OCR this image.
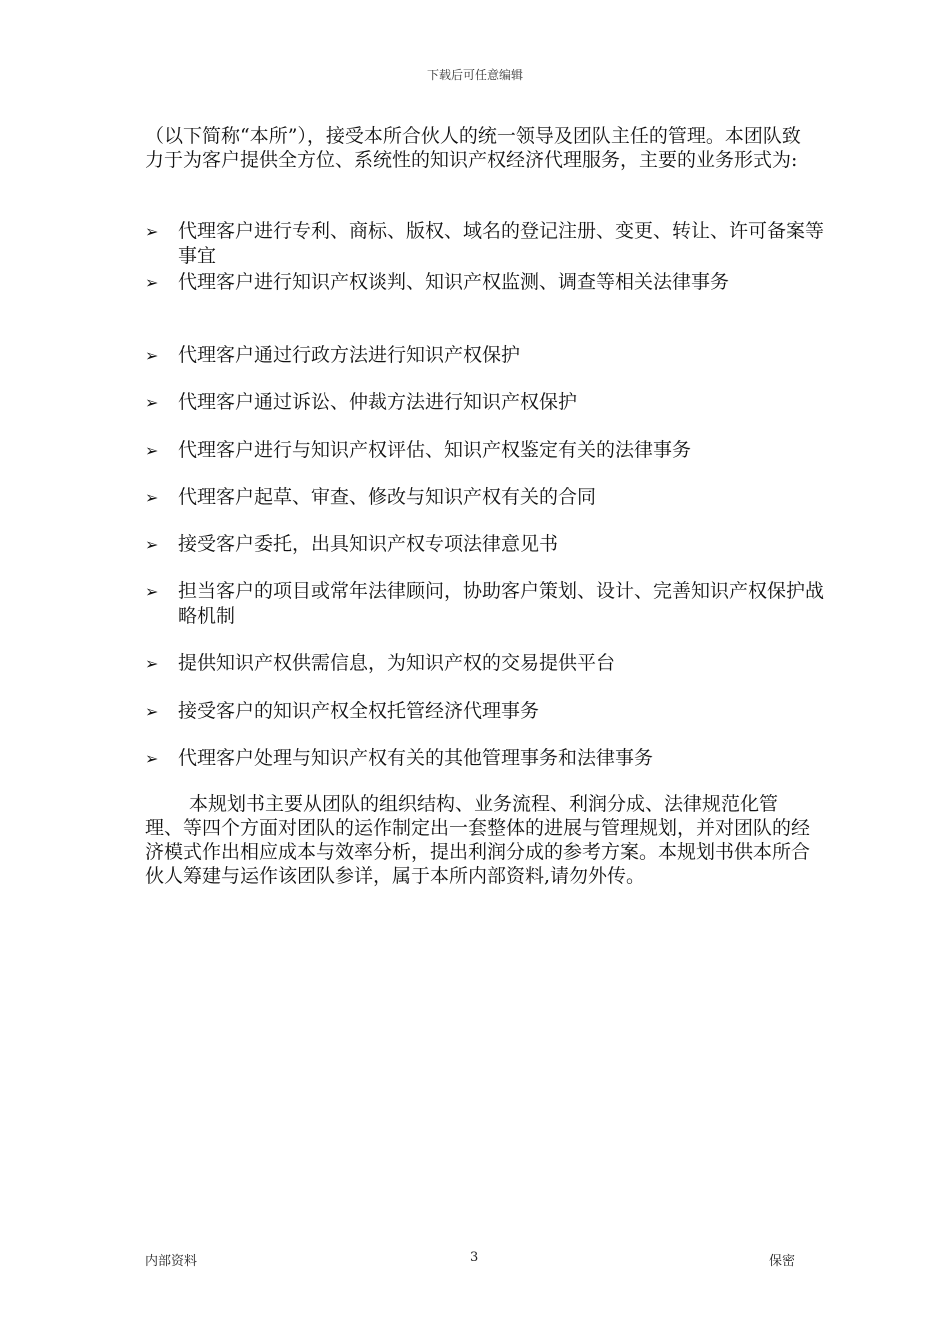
下载后可任意编辑

（以下简称“本所”），接受本所合伙人的统一领导及团队主任的管理。本团队致力于为客户提供全方位、系统性的知识产权经济代理服务，主要的业务形式为:

➢	代理客户进行专利、商标、版权、域名的登记注册、变更、转让、许可备案等事宜
➢	代理客户进行知识产权谈判、知识产权监测、调查等相关法律事务
➢	代理客户通过行政方法进行知识产权保护
➢	代理客户通过诉讼、仲裁方法进行知识产权保护
➢	代理客户进行与知识产权评估、知识产权鉴定有关的法律事务
➢	代理客户起草、审查、修改与知识产权有关的合同
➢	接受客户委托，出具知识产权专项法律意见书
➢	担当客户的项目或常年法律顾问，协助客户策划、设计、完善知识产权保护战略机制
➢	提供知识产权供需信息，为知识产权的交易提供平台
➢	接受客户的知识产权全权托管经济代理事务
➢	代理客户处理与知识产权有关的其他管理事务和法律事务

本规划书主要从团队的组织结构、业务流程、利润分成、法律规范化管理、等四个方面对团队的运作制定出一套整体的进展与管理规划，并对团队的经济模式作出相应成本与效率分析，提出利润分成的参考方案。本规划书供本所合伙人筹建与运作该团队参详，属于本所内部资料,请勿外传。

内部资料	3	保密
